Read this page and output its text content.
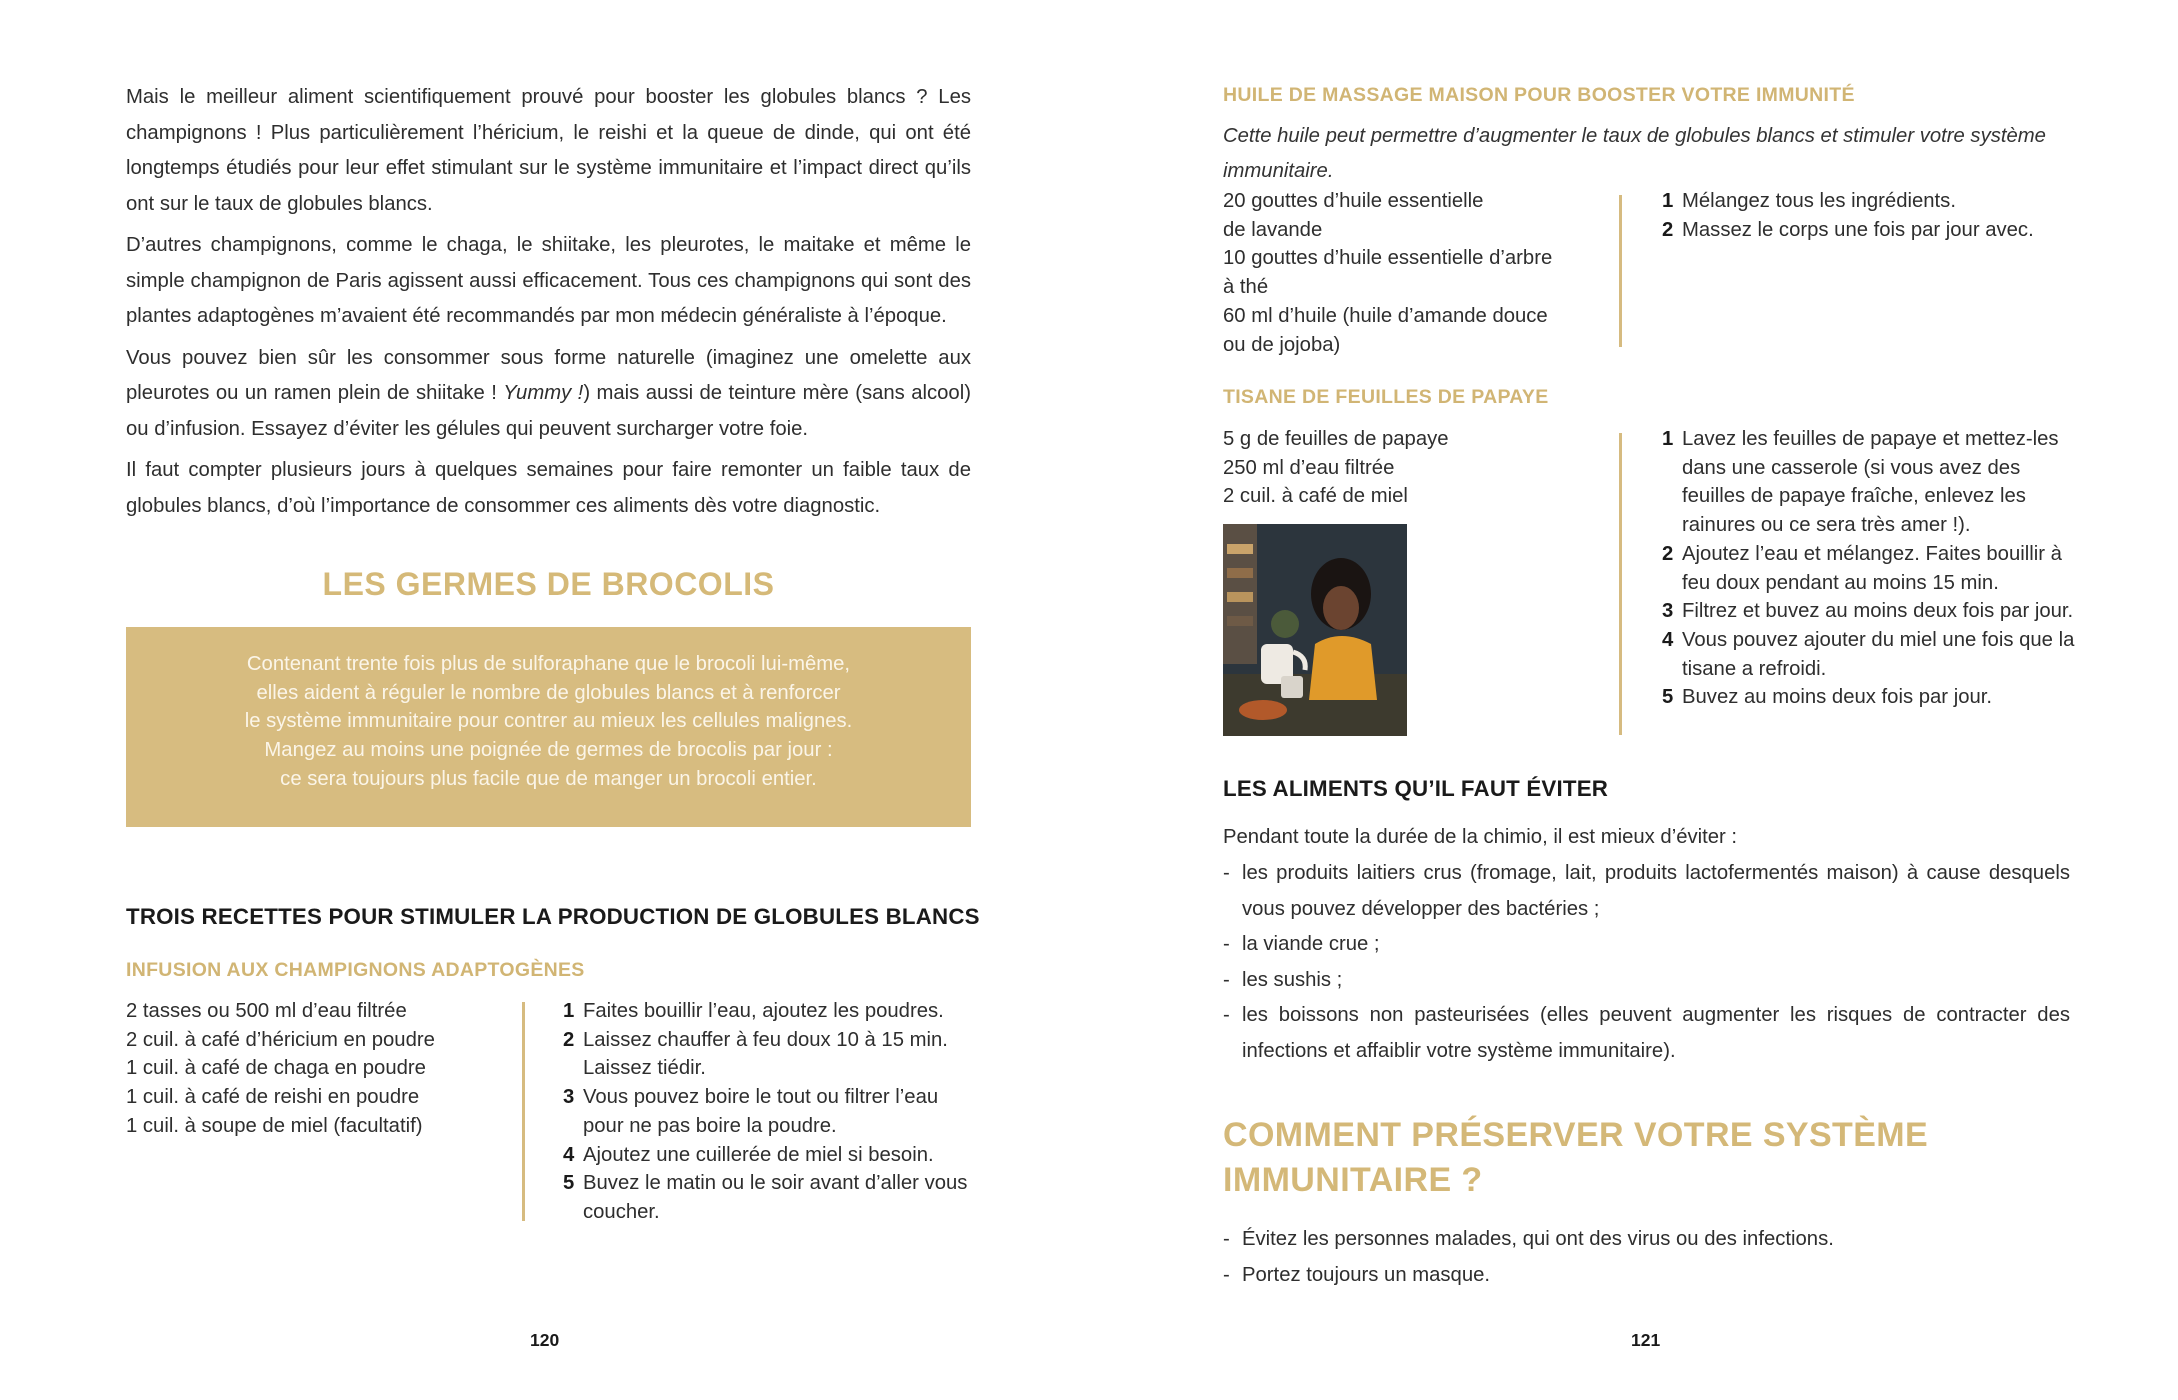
Mais le meilleur aliment scientifiquement prouvé pour booster les globules blancs ? Les champignons ! Plus particulièrement l’héricium, le reishi et la queue de dinde, qui ont été longtemps étudiés pour leur effet stimulant sur le système immunitaire et l’impact direct qu’ils ont sur le taux de globules blancs.

D’autres champignons, comme le chaga, le shiitake, les pleurotes, le maitake et même le simple champignon de Paris agissent aussi efficacement. Tous ces champignons qui sont des plantes adaptogènes m’avaient été recommandés par mon médecin généraliste à l’époque.

Vous pouvez bien sûr les consommer sous forme naturelle (imaginez une omelette aux pleurotes ou un ramen plein de shiitake ! Yummy !) mais aussi de teinture mère (sans alcool) ou d’infusion. Essayez d’éviter les gélules qui peuvent surcharger votre foie.

Il faut compter plusieurs jours à quelques semaines pour faire remonter un faible taux de globules blancs, d’où l’importance de consommer ces aliments dès votre diagnostic.

LES GERMES DE BROCOLIS
Contenant trente fois plus de sulforaphane que le brocoli lui-même,
elles aident à réguler le nombre de globules blancs et à renforcer
le système immunitaire pour contrer au mieux les cellules malignes.
Mangez au moins une poignée de germes de brocolis par jour :
ce sera toujours plus facile que de manger un brocoli entier.
TROIS RECETTES POUR STIMULER LA PRODUCTION DE GLOBULES BLANCS
INFUSION AUX CHAMPIGNONS ADAPTOGÈNES
2 tasses ou 500 ml d’eau filtrée
2 cuil. à café d’héricium en poudre
1 cuil. à café de chaga en poudre
1 cuil. à café de reishi en poudre
1 cuil. à soupe de miel (facultatif)
1 Faites bouillir l’eau, ajoutez les poudres.
2 Laissez chauffer à feu doux 10 à 15 min. Laissez tiédir.
3 Vous pouvez boire le tout ou filtrer l’eau pour ne pas boire la poudre.
4 Ajoutez une cuillerée de miel si besoin.
5 Buvez le matin ou le soir avant d’aller vous coucher.
120
HUILE DE MASSAGE MAISON POUR BOOSTER VOTRE IMMUNITÉ
Cette huile peut permettre d’augmenter le taux de globules blancs et stimuler votre système immunitaire.
20 gouttes d’huile essentielle
de lavande
10 gouttes d’huile essentielle d’arbre
à thé
60 ml d’huile (huile d’amande douce
ou de jojoba)
1 Mélangez tous les ingrédients.
2 Massez le corps une fois par jour avec.
TISANE DE FEUILLES DE PAPAYE
5 g de feuilles de papaye
250 ml d’eau filtrée
2 cuil. à café de miel
1 Lavez les feuilles de papaye et mettez-les dans une casserole (si vous avez des feuilles de papaye fraîche, enlevez les rainures ou ce sera très amer !).
2 Ajoutez l’eau et mélangez. Faites bouillir à feu doux pendant au moins 15 min.
3 Filtrez et buvez au moins deux fois par jour.
4 Vous pouvez ajouter du miel une fois que la tisane a refroidi.
5 Buvez au moins deux fois par jour.
LES ALIMENTS QU’IL FAUT ÉVITER
Pendant toute la durée de la chimio, il est mieux d’éviter :
- les produits laitiers crus (fromage, lait, produits lactofermentés maison) à cause desquels vous pouvez développer des bactéries ;
- la viande crue ;
- les sushis ;
- les boissons non pasteurisées (elles peuvent augmenter les risques de contracter des infections et affaiblir votre système immunitaire).
COMMENT PRÉSERVER VOTRE SYSTÈME
IMMUNITAIRE ?
- Évitez les personnes malades, qui ont des virus ou des infections.
- Portez toujours un masque.
121
